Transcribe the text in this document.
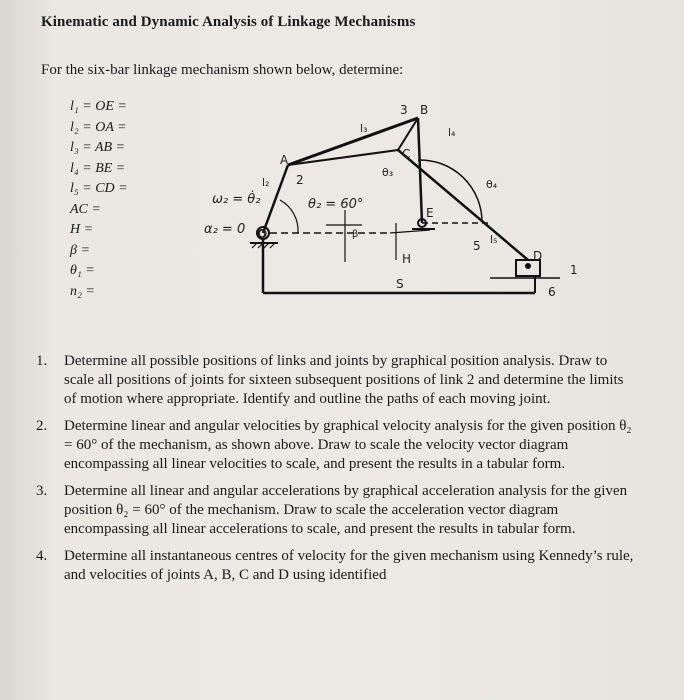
Kinematic and Dynamic Analysis of Linkage Mechanisms
For the six-bar linkage mechanism shown below, determine:
l₁ = OE =
l₂ = OA =
l₃ = AB =
l₄ = BE =
l₅ = CD =
AC =
H =
β =
θ₁ =
n₂ =
O
A
B
C
D
E
2
3
5
6
1
ω₂ = θ̇₂
α₂ = 0
θ₂ = 60°
l₂
l₃	l₄
l₅
θ₃
θ₄
β
H
S
1.	Determine all possible positions of links and joints by graphical position analysis. Draw to scale all positions of joints for sixteen subsequent positions of link 2 and determine the limits of motion where appropriate. Identify and outline the paths of each moving joint.
2.	Determine linear and angular velocities by graphical velocity analysis for the given position θ₂ = 60° of the mechanism, as shown above. Draw to scale the velocity vector diagram encompassing all linear velocities to scale, and present the results in a tabular form.
3.	Determine all linear and angular accelerations by graphical acceleration analysis for the given position θ₂ = 60° of the mechanism. Draw to scale the acceleration vector diagram encompassing all linear accelerations to scale, and present the results in tabular form.
4.	Determine all instantaneous centres of velocity for the given mechanism using Kennedy’s rule, and velocities of joints A, B, C and D using identified
